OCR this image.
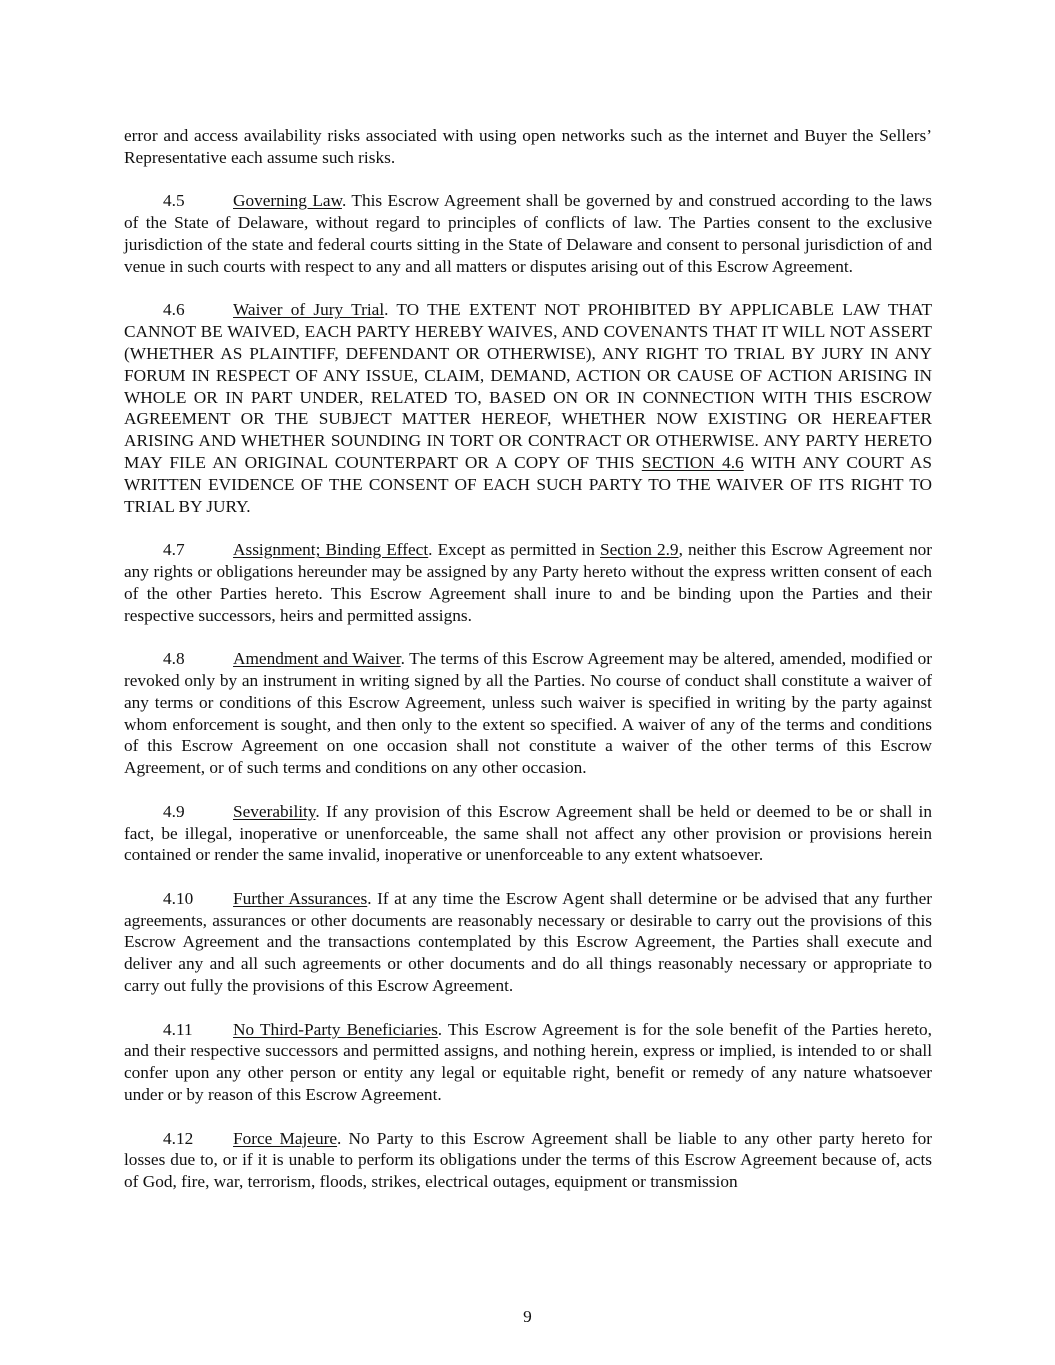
error and access availability risks associated with using open networks such as the internet and Buyer the Sellers’ Representative each assume such risks.

4.5	Governing Law. This Escrow Agreement shall be governed by and construed according to the laws of the State of Delaware, without regard to principles of conflicts of law. The Parties consent to the exclusive jurisdiction of the state and federal courts sitting in the State of Delaware and consent to personal jurisdiction of and venue in such courts with respect to any and all matters or disputes arising out of this Escrow Agreement.

4.6	Waiver of Jury Trial. TO THE EXTENT NOT PROHIBITED BY APPLICABLE LAW THAT CANNOT BE WAIVED, EACH PARTY HEREBY WAIVES, AND COVENANTS THAT IT WILL NOT ASSERT (WHETHER AS PLAINTIFF, DEFENDANT OR OTHERWISE), ANY RIGHT TO TRIAL BY JURY IN ANY FORUM IN RESPECT OF ANY ISSUE, CLAIM, DEMAND, ACTION OR CAUSE OF ACTION ARISING IN WHOLE OR IN PART UNDER, RELATED TO, BASED ON OR IN CONNECTION WITH THIS ESCROW AGREEMENT OR THE SUBJECT MATTER HEREOF, WHETHER NOW EXISTING OR HEREAFTER ARISING AND WHETHER SOUNDING IN TORT OR CONTRACT OR OTHERWISE. ANY PARTY HERETO MAY FILE AN ORIGINAL COUNTERPART OR A COPY OF THIS SECTION 4.6 WITH ANY COURT AS WRITTEN EVIDENCE OF THE CONSENT OF EACH SUCH PARTY TO THE WAIVER OF ITS RIGHT TO TRIAL BY JURY.

4.7	Assignment; Binding Effect. Except as permitted in Section 2.9, neither this Escrow Agreement nor any rights or obligations hereunder may be assigned by any Party hereto without the express written consent of each of the other Parties hereto. This Escrow Agreement shall inure to and be binding upon the Parties and their respective successors, heirs and permitted assigns.

4.8	Amendment and Waiver. The terms of this Escrow Agreement may be altered, amended, modified or revoked only by an instrument in writing signed by all the Parties. No course of conduct shall constitute a waiver of any terms or conditions of this Escrow Agreement, unless such waiver is specified in writing by the party against whom enforcement is sought, and then only to the extent so specified. A waiver of any of the terms and conditions of this Escrow Agreement on one occasion shall not constitute a waiver of the other terms of this Escrow Agreement, or of such terms and conditions on any other occasion.

4.9	Severability. If any provision of this Escrow Agreement shall be held or deemed to be or shall in fact, be illegal, inoperative or unenforceable, the same shall not affect any other provision or provisions herein contained or render the same invalid, inoperative or unenforceable to any extent whatsoever.

4.10 Further Assurances. If at any time the Escrow Agent shall determine or be advised that any further agreements, assurances or other documents are reasonably necessary or desirable to carry out the provisions of this Escrow Agreement and the transactions contemplated by this Escrow Agreement, the Parties shall execute and deliver any and all such agreements or other documents and do all things reasonably necessary or appropriate to carry out fully the provisions of this Escrow Agreement.

4.11 No Third-Party Beneficiaries. This Escrow Agreement is for the sole benefit of the Parties hereto, and their respective successors and permitted assigns, and nothing herein, express or implied, is intended to or shall confer upon any other person or entity any legal or equitable right, benefit or remedy of any nature whatsoever under or by reason of this Escrow Agreement.

4.12 Force Majeure. No Party to this Escrow Agreement shall be liable to any other party hereto for losses due to, or if it is unable to perform its obligations under the terms of this Escrow Agreement because of, acts of God, fire, war, terrorism, floods, strikes, electrical outages, equipment or transmission

9
